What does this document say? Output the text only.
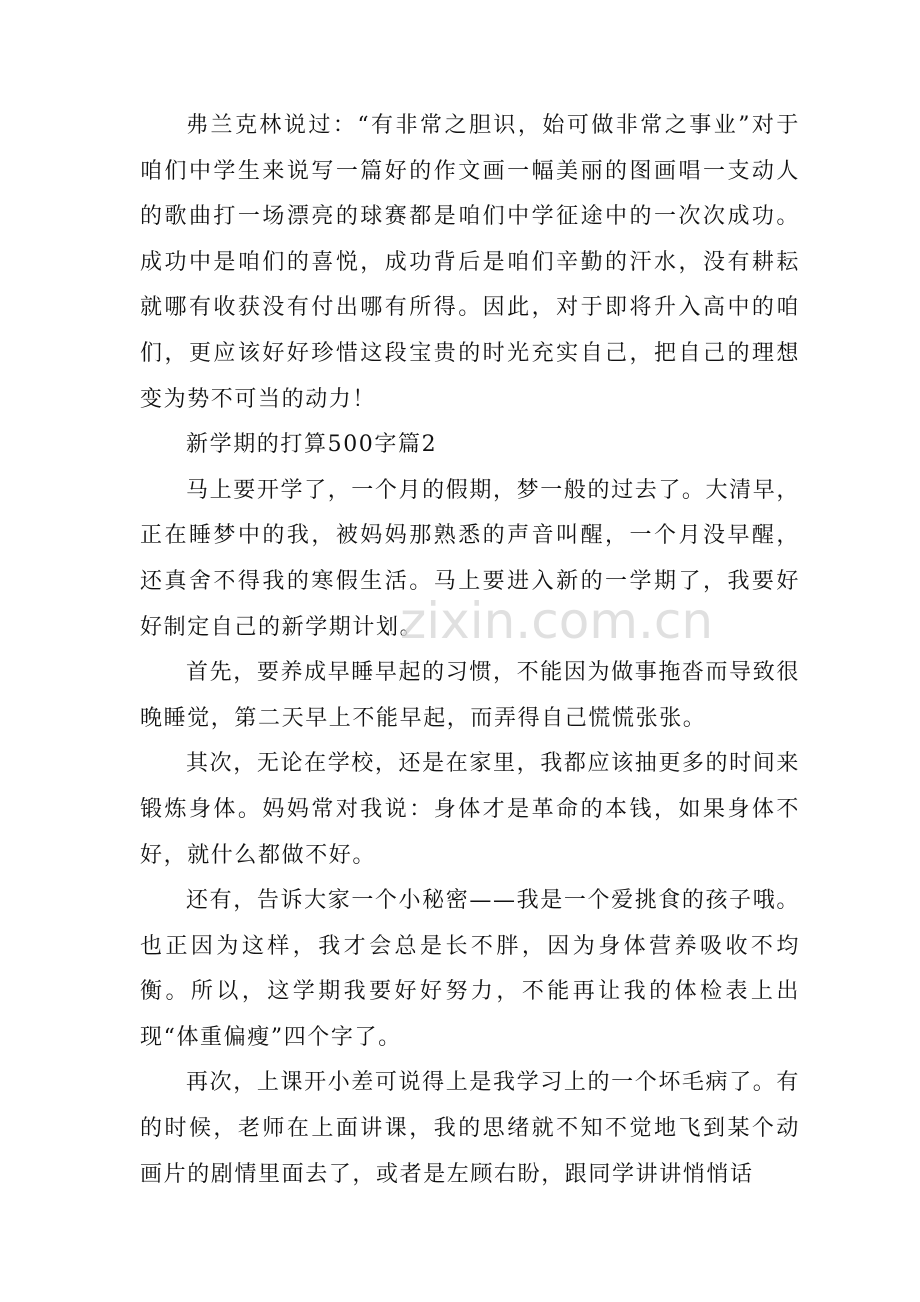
弗兰克林说过：“有非常之胆识，始可做非常之事业”对于咱们中学生来说写一篇好的作文画一幅美丽的图画唱一支动人的歌曲打一场漂亮的球赛都是咱们中学征途中的一次次成功。成功中是咱们的喜悦，成功背后是咱们辛勤的汗水，没有耕耘就哪有收获没有付出哪有所得。因此，对于即将升入高中的咱们，更应该好好珍惜这段宝贵的时光充实自己，把自己的理想变为势不可当的动力！

新学期的打算500字篇2

马上要开学了，一个月的假期，梦一般的过去了。大清早，正在睡梦中的我，被妈妈那熟悉的声音叫醒，一个月没早醒，还真舍不得我的寒假生活。马上要进入新的一学期了，我要好好制定自己的新学期计划。

首先，要养成早睡早起的习惯，不能因为做事拖沓而导致很晚睡觉，第二天早上不能早起，而弄得自己慌慌张张。

其次，无论在学校，还是在家里，我都应该抽更多的时间来锻炼身体。妈妈常对我说：身体才是革命的本钱，如果身体不好，就什么都做不好。

还有，告诉大家一个小秘密——我是一个爱挑食的孩子哦。也正因为这样，我才会总是长不胖，因为身体营养吸收不均衡。所以，这学期我要好好努力，不能再让我的体检表上出现“体重偏瘦”四个字了。

再次，上课开小差可说得上是我学习上的一个坏毛病了。有的时候，老师在上面讲课，我的思绪就不知不觉地飞到某个动画片的剧情里面去了，或者是左顾右盼，跟同学讲讲悄悄话

zixin.com.cn
